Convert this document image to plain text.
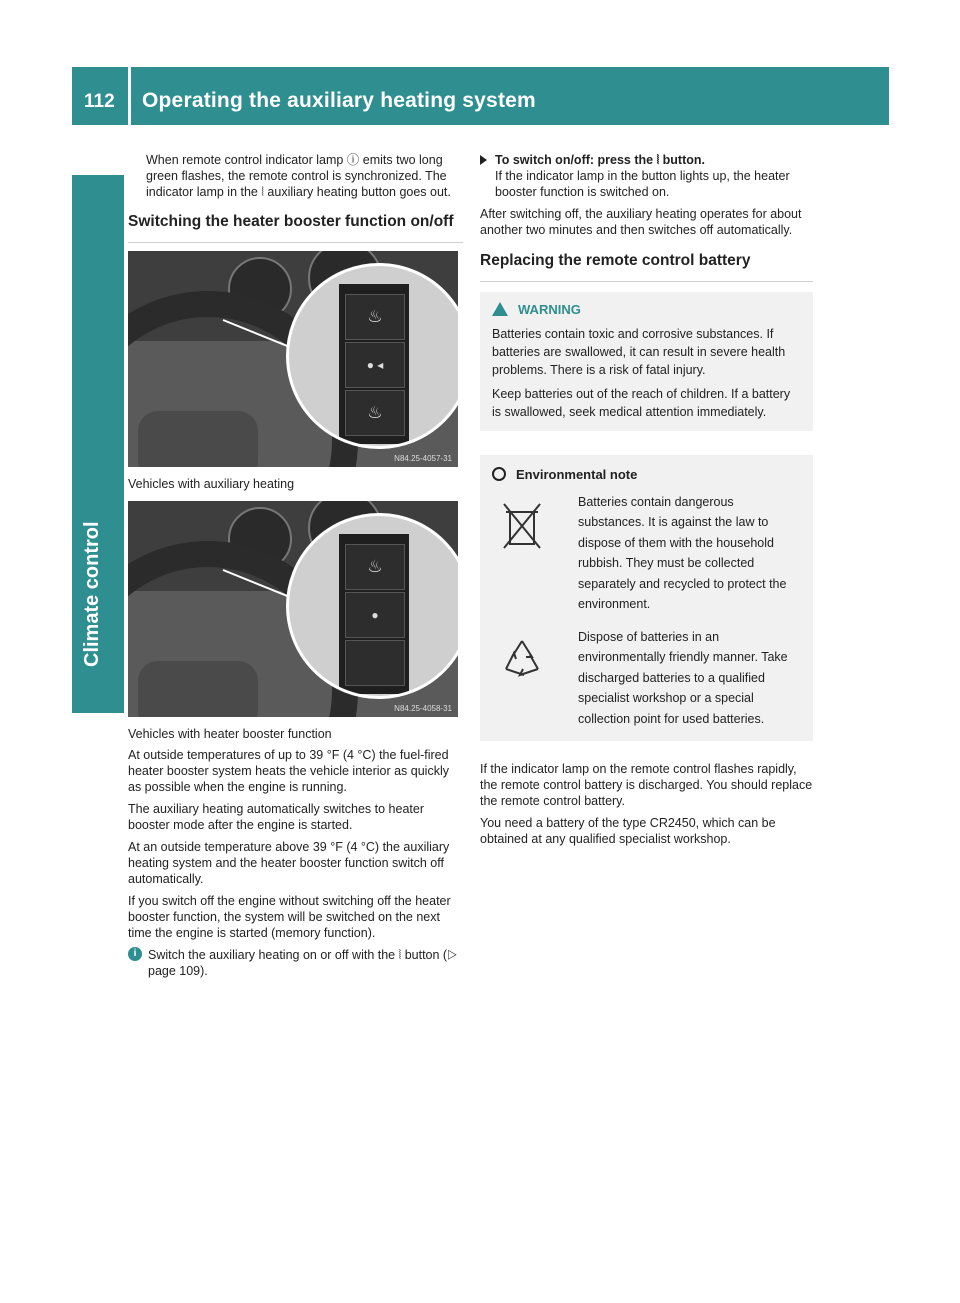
112 Operating the auxiliary heating system
Climate control

When remote control indicator lamp ⓘ emits two long green flashes, the remote control is synchronized. The indicator lamp in the ⦚ auxiliary heating button goes out.

Switching the heater booster function on/off
♨
● ◂
♨
N84.25-4057-31
Vehicles with auxiliary heating
♨
●
N84.25-4058-31
Vehicles with heater booster function

At outside temperatures of up to 39 °F (4 °C) the fuel-fired heater booster system heats the vehicle interior as quickly as possible when the engine is running.

The auxiliary heating automatically switches to heater booster mode after the engine is started.

At an outside temperature above 39 °F (4 °C) the auxiliary heating system and the heater booster function switch off automatically.

If you switch off the engine without switching off the heater booster function, the system will be switched on the next time the engine is started (memory function).

i Switch the auxiliary heating on or off with the ⦚ button (▷ page 109).
To switch on/off: press the ⦚ button.

If the indicator lamp in the button lights up, the heater booster function is switched on.

After switching off, the auxiliary heating operates for about another two minutes and then switches off automatically.

Replacing the remote control battery
WARNING

Batteries contain toxic and corrosive substances. If batteries are swallowed, it can result in severe health problems. There is a risk of fatal injury.

Keep batteries out of the reach of children. If a battery is swallowed, seek medical attention immediately.

Environmental note
Batteries contain dangerous substances. It is against the law to dispose of them with the household rubbish. They must be collected separately and recycled to protect the environment.
Dispose of batteries in an environmentally friendly manner. Take discharged batteries to a qualified specialist workshop or a special collection point for used batteries.

If the indicator lamp on the remote control flashes rapidly, the remote control battery is discharged. You should replace the remote control battery.

You need a battery of the type CR2450, which can be obtained at any qualified specialist workshop.
